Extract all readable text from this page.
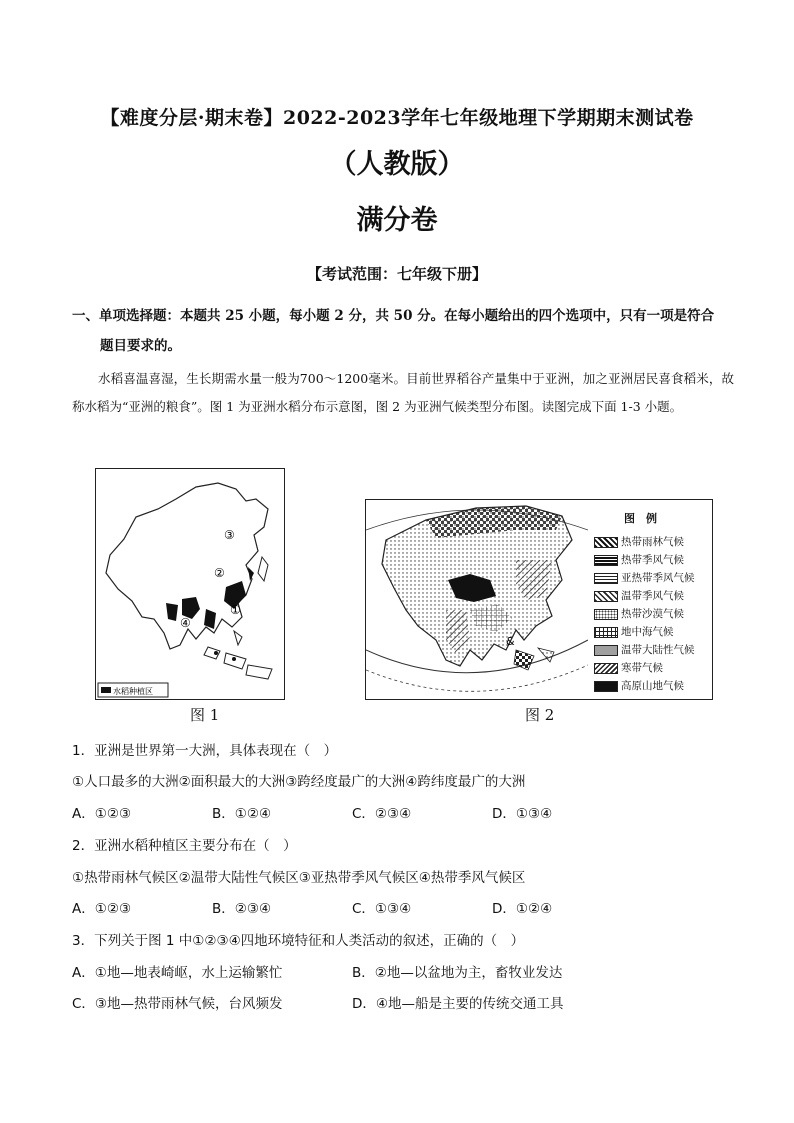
【难度分层·期末卷】2022-2023学年七年级地理下学期期末测试卷
（人教版）
满分卷
【考试范围：七年级下册】
一、单项选择题：本题共 25 小题，每小题 2 分，共 50 分。在每小题给出的四个选项中，只有一项是符合
题目要求的。
水稻喜温喜湿，生长期需水量一般为700～1200毫米。目前世界稻谷产量集中于亚洲，加之亚洲居民喜食稻米，故称水稻为“亚洲的粮食”。图 1 为亚洲水稻分布示意图，图 2 为亚洲气候类型分布图。读图完成下面 1-3 小题。
③
②
①
④
水稻种植区
图 1
&
图　例
热带雨林气候
热带季风气候
亚热带季风气候
温带季风气候
热带沙漠气候
地中海气候
温带大陆性气候
寒带气候
高原山地气候
图 2
1．亚洲是世界第一大洲，具体表现在（　）
①人口最多的大洲②面积最大的大洲③跨经度最广的大洲④跨纬度最广的大洲
A．①②③	B．①②④	C．②③④	D．①③④
2．亚洲水稻种植区主要分布在（　）
①热带雨林气候区②温带大陆性气候区③亚热带季风气候区④热带季风气候区
A．①②③	B．②③④	C．①③④	D．①②④
3．下列关于图 1 中①②③④四地环境特征和人类活动的叙述，正确的（　）
A．①地—地表崎岖，水上运输繁忙	B．②地—以盆地为主，畜牧业发达
C．③地—热带雨林气候，台风频发	D．④地—船是主要的传统交通工具
